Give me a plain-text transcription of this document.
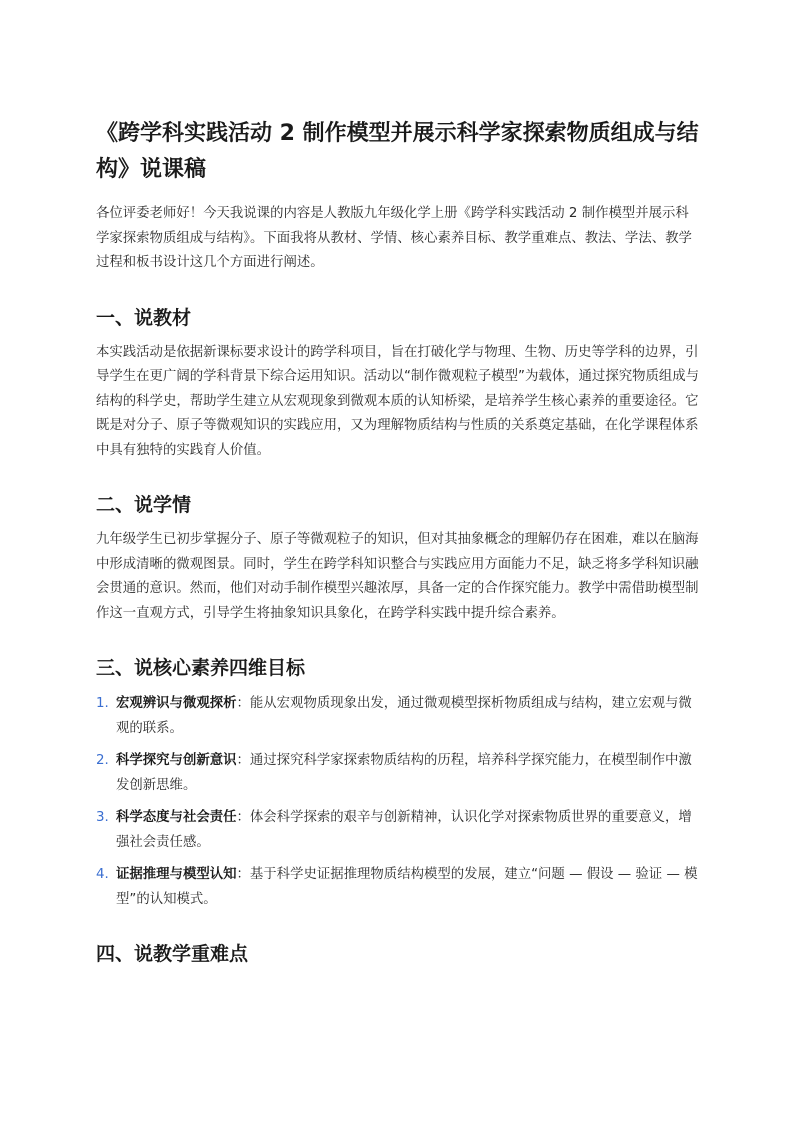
《跨学科实践活动 2 制作模型并展示科学家探索物质组成与结构》说课稿

各位评委老师好！今天我说课的内容是人教版九年级化学上册《跨学科实践活动 2 制作模型并展示科学家探索物质组成与结构》。下面我将从教材、学情、核心素养目标、教学重难点、教法、学法、教学过程和板书设计这几个方面进行阐述。

一、说教材

本实践活动是依据新课标要求设计的跨学科项目，旨在打破化学与物理、生物、历史等学科的边界，引导学生在更广阔的学科背景下综合运用知识。活动以“制作微观粒子模型”为载体，通过探究物质组成与结构的科学史，帮助学生建立从宏观现象到微观本质的认知桥梁，是培养学生核心素养的重要途径。它既是对分子、原子等微观知识的实践应用，又为理解物质结构与性质的关系奠定基础，在化学课程体系中具有独特的实践育人价值。

二、说学情

九年级学生已初步掌握分子、原子等微观粒子的知识，但对其抽象概念的理解仍存在困难，难以在脑海中形成清晰的微观图景。同时，学生在跨学科知识整合与实践应用方面能力不足，缺乏将多学科知识融会贯通的意识。然而，他们对动手制作模型兴趣浓厚，具备一定的合作探究能力。教学中需借助模型制作这一直观方式，引导学生将抽象知识具象化，在跨学科实践中提升综合素养。

三、说核心素养四维目标
1. 宏观辨识与微观探析：能从宏观物质现象出发，通过微观模型探析物质组成与结构，建立宏观与微观的联系。
2. 科学探究与创新意识：通过探究科学家探索物质结构的历程，培养科学探究能力，在模型制作中激发创新思维。
3. 科学态度与社会责任：体会科学探索的艰辛与创新精神，认识化学对探索物质世界的重要意义，增强社会责任感。
4. 证据推理与模型认知：基于科学史证据推理物质结构模型的发展，建立“问题 — 假设 — 验证 — 模型”的认知模式。
四、说教学重难点
